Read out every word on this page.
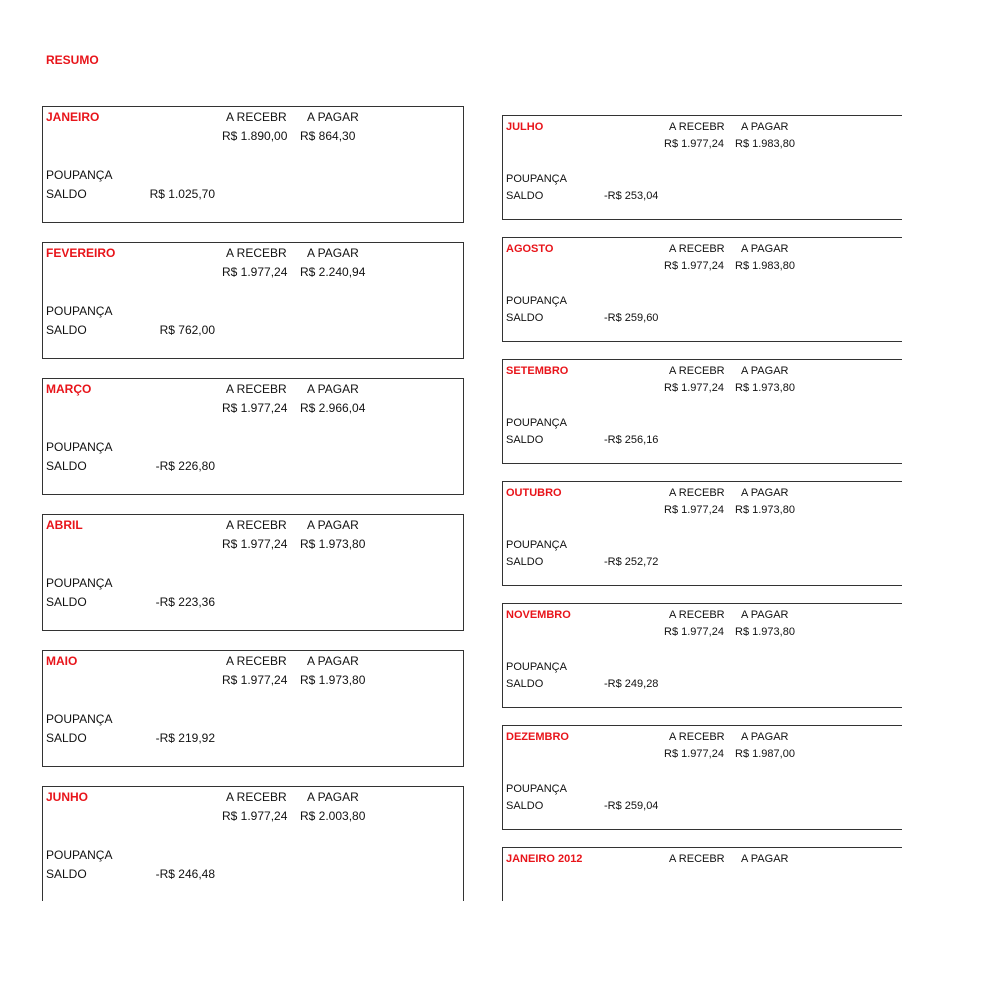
RESUMO
JANEIRO	A RECEBR A PAGAR
R$ 1.890,00 R$ 864,30
POUPANÇA
SALDO	R$ 1.025,70
FEVEREIRO	A RECEBR A PAGAR
R$ 1.977,24 R$ 2.240,94
POUPANÇA
SALDO	R$ 762,00
MARÇO	A RECEBR A PAGAR
R$ 1.977,24 R$ 2.966,04
POUPANÇA
SALDO	-R$ 226,80
ABRIL	A RECEBR A PAGAR
R$ 1.977,24 R$ 1.973,80
POUPANÇA
SALDO	-R$ 223,36
MAIO	A RECEBR A PAGAR
R$ 1.977,24 R$ 1.973,80
POUPANÇA
SALDO	-R$ 219,92
JUNHO	A RECEBR A PAGAR
R$ 1.977,24 R$ 2.003,80
POUPANÇA
SALDO	-R$ 246,48
JULHO	A RECEBR A PAGAR
R$ 1.977,24 R$ 1.983,80
POUPANÇA
SALDO	-R$ 253,04
AGOSTO	A RECEBR A PAGAR
R$ 1.977,24 R$ 1.983,80
POUPANÇA
SALDO	-R$ 259,60
SETEMBRO	A RECEBR A PAGAR
R$ 1.977,24 R$ 1.973,80
POUPANÇA
SALDO	-R$ 256,16
OUTUBRO	A RECEBR A PAGAR
R$ 1.977,24 R$ 1.973,80
POUPANÇA
SALDO	-R$ 252,72
NOVEMBRO	A RECEBR A PAGAR
R$ 1.977,24 R$ 1.973,80
POUPANÇA
SALDO	-R$ 249,28
DEZEMBRO	A RECEBR A PAGAR
R$ 1.977,24 R$ 1.987,00
POUPANÇA
SALDO	-R$ 259,04
JANEIRO 2012	A RECEBR A PAGAR
